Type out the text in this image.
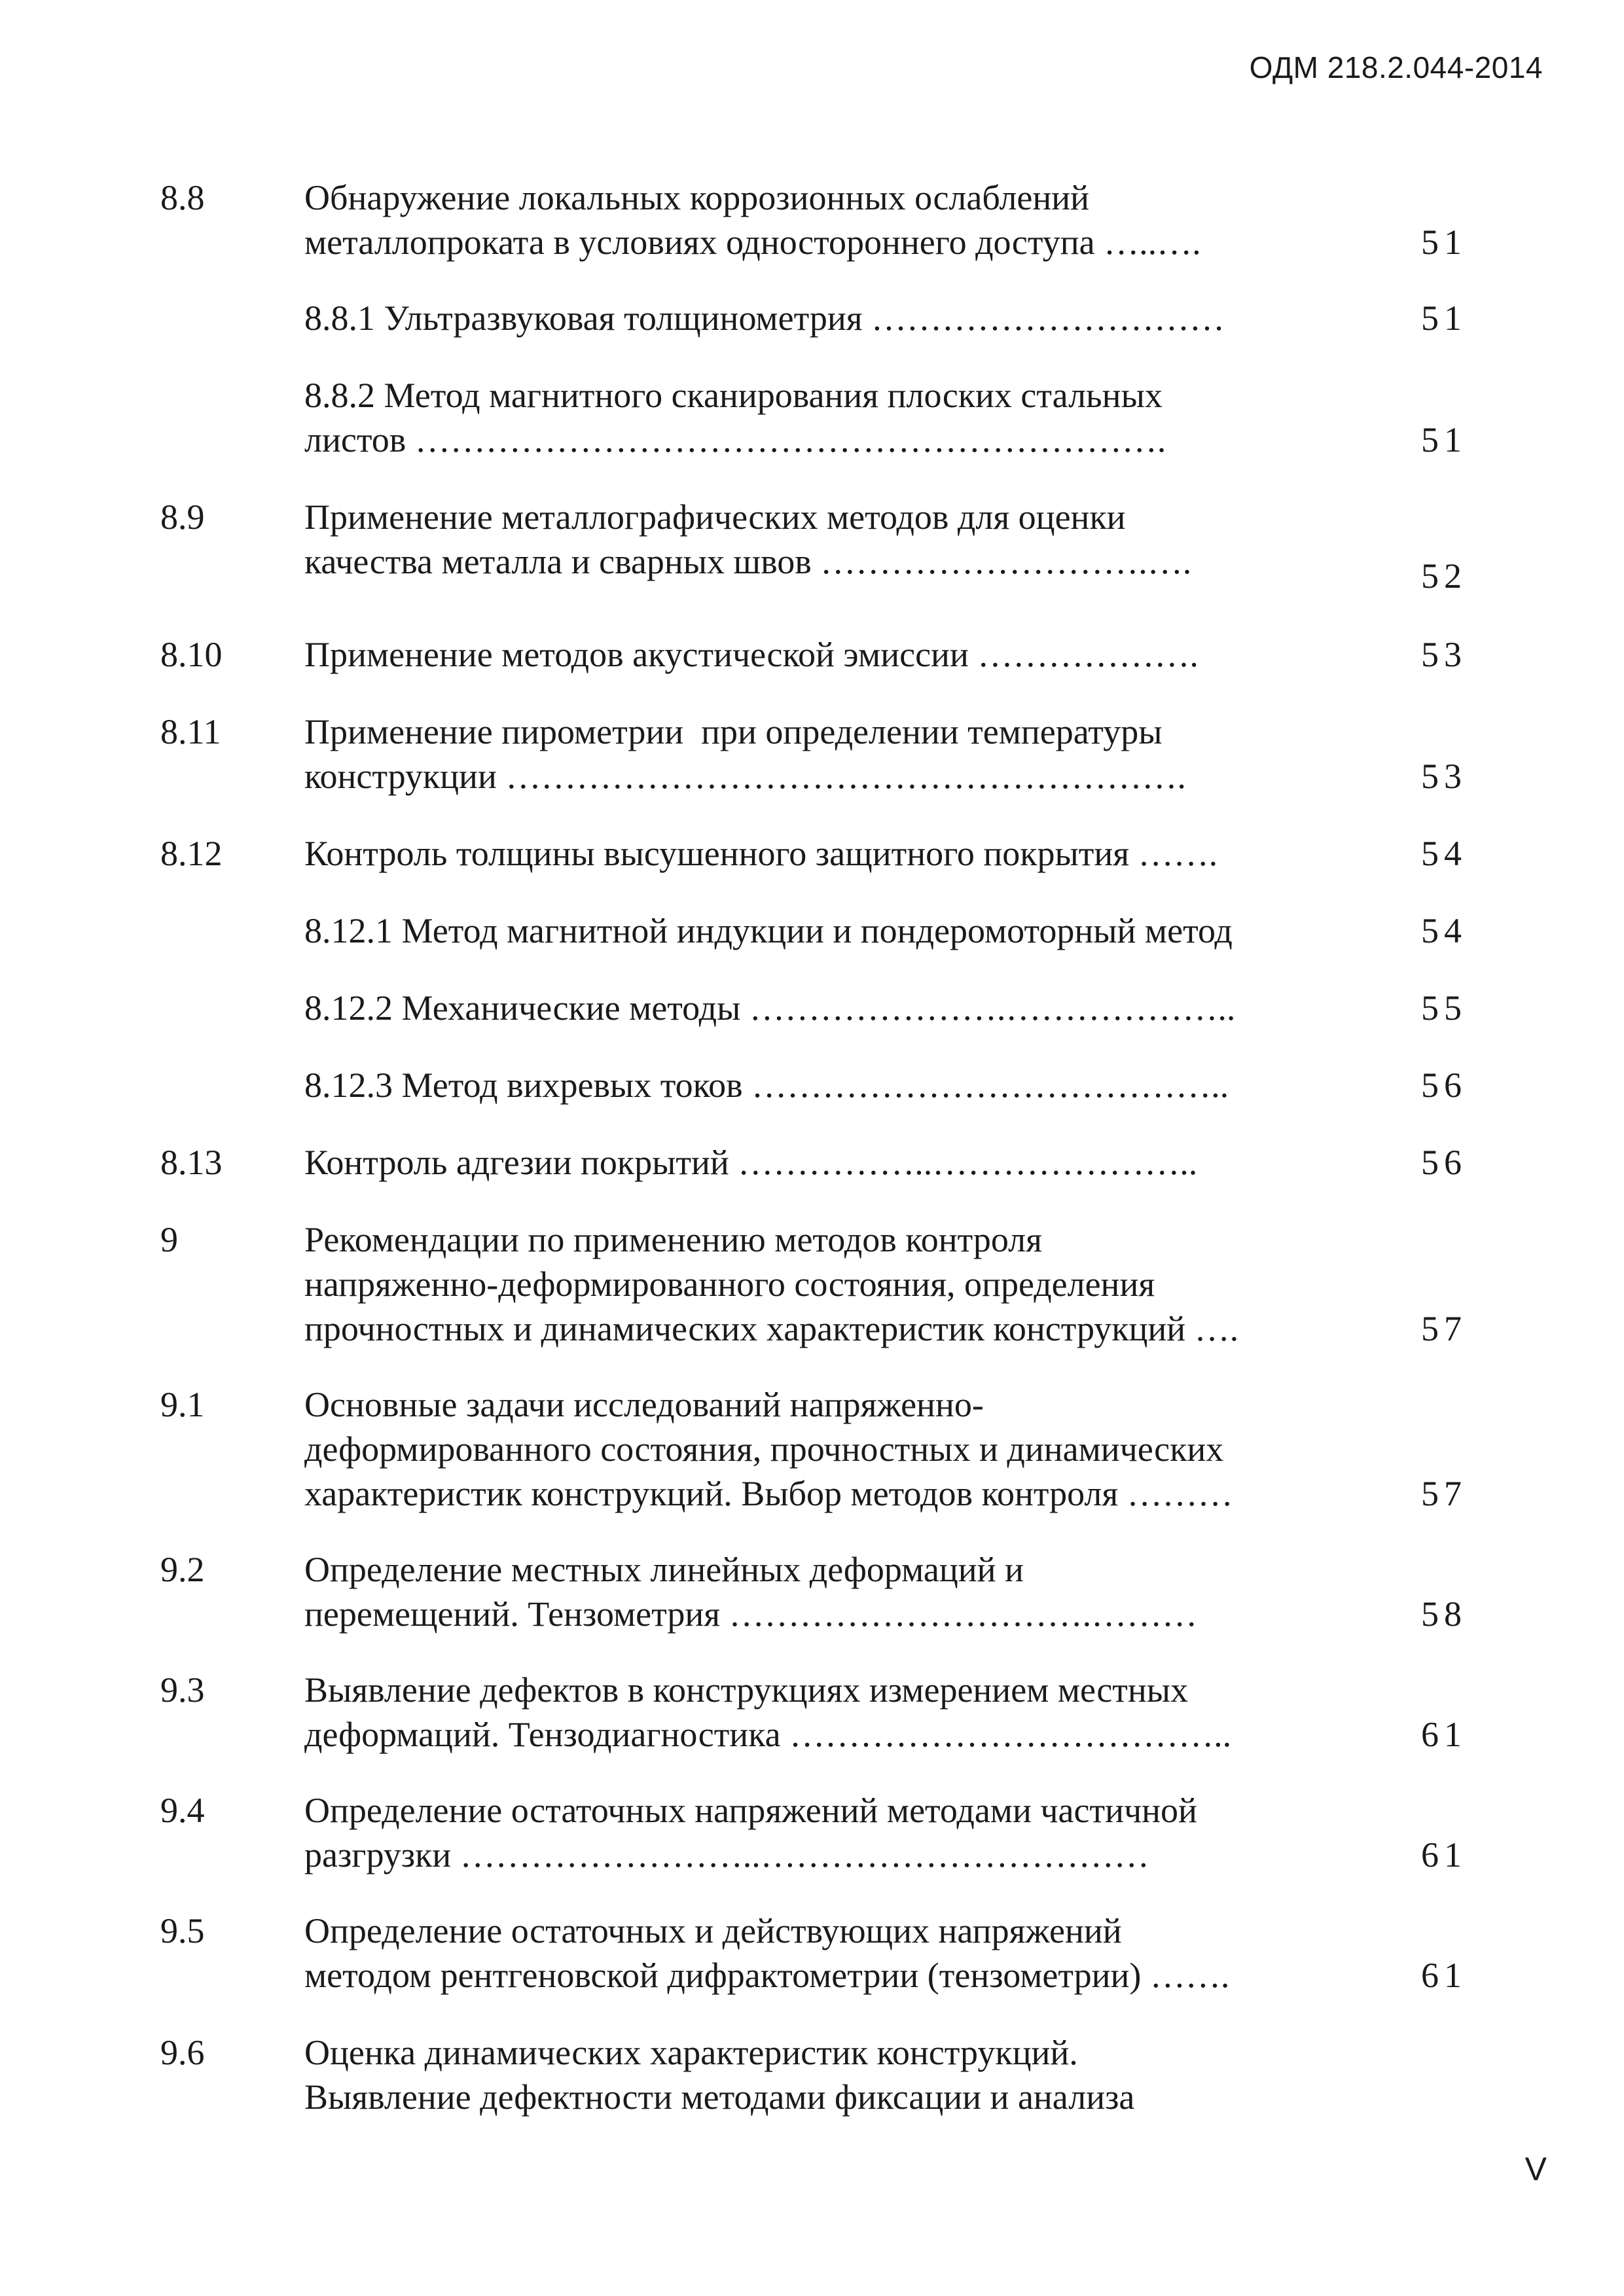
ОДМ 218.2.044-2014
8.8	Обнаружение локальных коррозионных ослаблений
металлопроката в условиях одностороннего доступа …..….	51
8.8.1 Ультразвуковая толщинометрия …………………………	51
8.8.2 Метод магнитного сканирования плоских стальных
листов ……………………………………………………….	51
8.9	Применение металлографических методов для оценки
качества металла и сварных швов ……………………….….	52
8.10 Применение методов акустической эмиссии ……………….	53
8.11 Применение пирометрии  при определении температуры
конструкции ………………………………………………….	53
8.12 Контроль толщины высушенного защитного покрытия …….	54
8.12.1 Метод магнитной индукции и пондеромоторный метод	54
8.12.2 Механические методы ………………….………………..	55
8.12.3 Метод вихревых токов …………………………………..	56
8.13 Контроль адгезии покрытий ……………..…………………..	56
9	Рекомендации по применению методов контроля
напряженно-деформированного состояния, определения
прочностных и динамических характеристик конструкций ….	57
9.1	Основные задачи исследований напряженно-
деформированного состояния, прочностных и динамических
характеристик конструкций. Выбор методов контроля ………	57
9.2	Определение местных линейных деформаций и
перемещений. Тензометрия ………………………….………	58
9.3	Выявление дефектов в конструкциях измерением местных
деформаций. Тензодиагностика ………………………………..	61
9.4	Определение остаточных напряжений методами частичной
разгрузки ……………………..……………………………	61
9.5	Определение остаточных и действующих напряжений
методом рентгеновской дифрактометрии (тензометрии) …….	61
9.6	Оценка динамических характеристик конструкций.
Выявление дефектности методами фиксации и анализа
V
